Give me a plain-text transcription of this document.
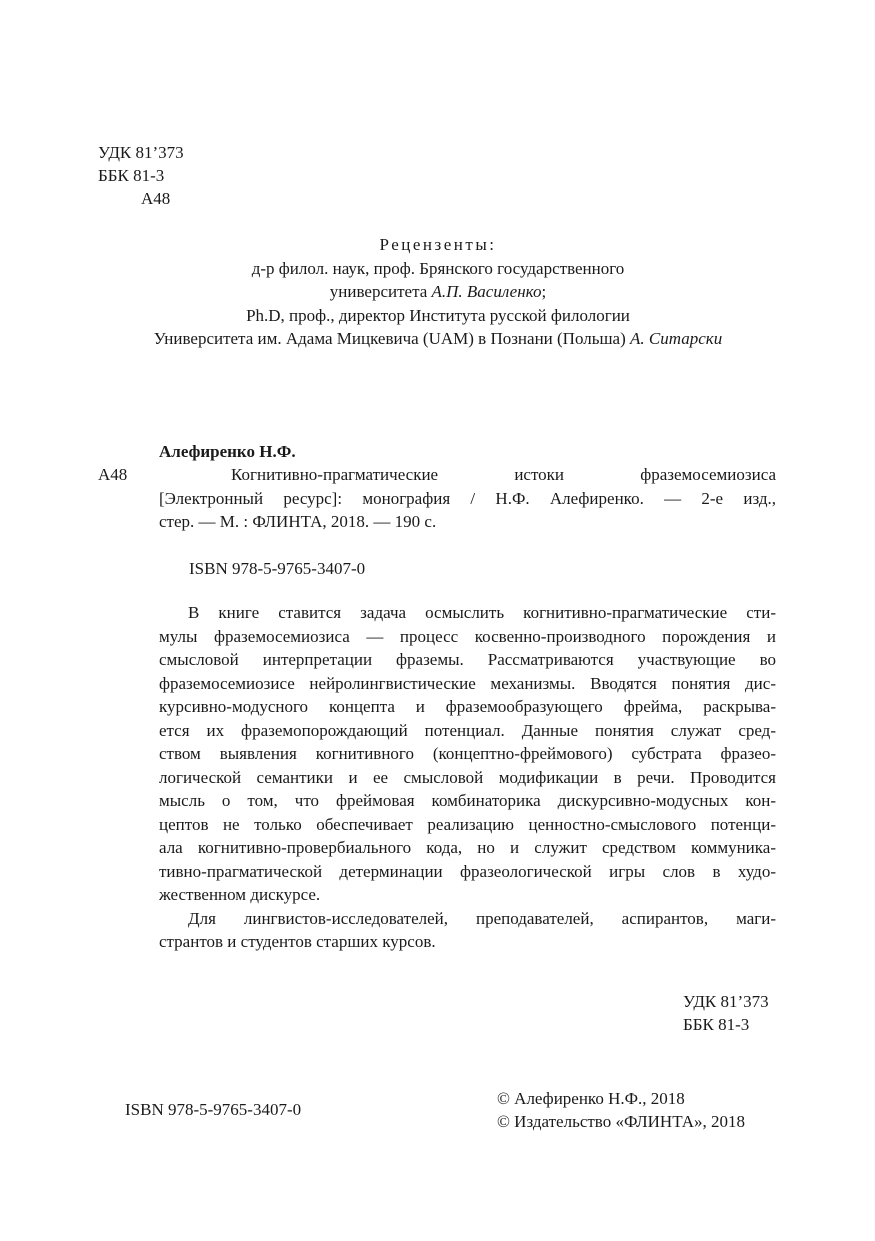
УДК 81’373
ББК 81-3
А48
Рецензенты:
д-р филол. наук, проф. Брянского государственного
университета А.П. Василенко;
Ph.D, проф., директор Института русской филологии
Университета им. Адама Мицкевича (UAM) в Познани (Польша) А. Ситарски
Алефиренко Н.Ф.
А48	Когнитивно-прагматические истоки фраземосемиозиса
[Электронный ресурс]: монография / Н.Ф. Алефиренко. — 2-е изд.,
стер. — М. : ФЛИНТА, 2018. — 190 с.
ISBN 978-5-9765-3407-0
В книге ставится задача осмыслить когнитивно-прагматические сти-
мулы фраземосемиозиса — процесс косвенно-производного порождения и
смысловой интерпретации фраземы. Рассматриваются участвующие во
фраземосемиозисе нейролингвистические механизмы. Вводятся понятия дис-
курсивно-модусного концепта и фраземообразующего фрейма, раскрыва-
ется их фраземопорождающий потенциал. Данные понятия служат сред-
ством выявления когнитивного (концептно-фреймового) субстрата фразео-
логической семантики и ее смысловой модификации в речи. Проводится
мысль о том, что фреймовая комбинаторика дискурсивно-модусных кон-
цептов не только обеспечивает реализацию ценностно-смыслового потенци-
ала когнитивно-провербиального кода, но и служит средством коммуника-
тивно-прагматической детерминации фразеологической игры слов в худо-
жественном дискурсе.
Для лингвистов-исследователей, преподавателей, аспирантов, маги-
странтов и студентов старших курсов.
УДК 81’373
ББК 81-3
ISBN 978-5-9765-3407-0
© Алефиренко Н.Ф., 2018
© Издательство «ФЛИНТА», 2018
